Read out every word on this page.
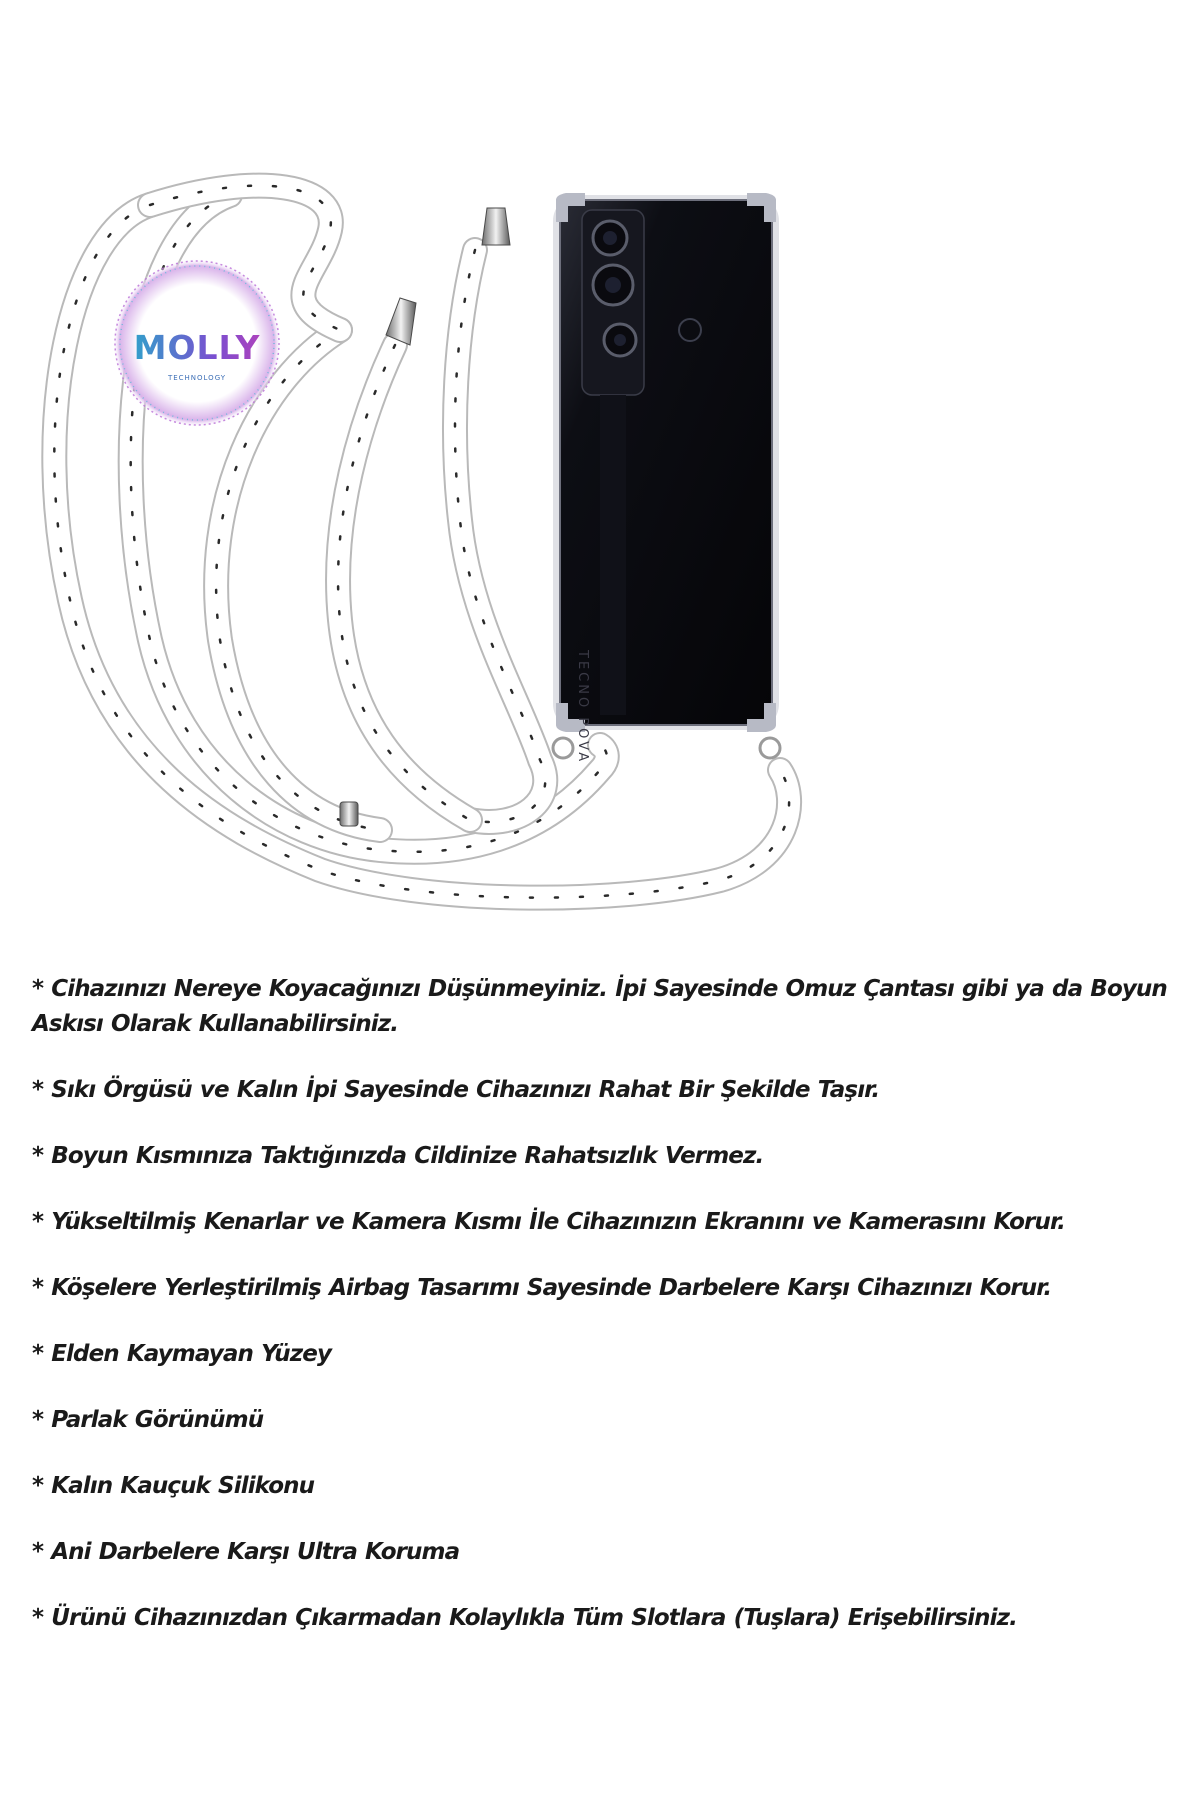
MOLLY
TECHNOLOGY
TECNO POVA
* Cihazınızı Nereye Koyacağınızı Düşünmeyiniz. İpi Sayesinde Omuz Çantası gibi ya da Boyun Askısı Olarak Kullanabilirsiniz.
* Sıkı Örgüsü ve Kalın İpi Sayesinde Cihazınızı Rahat Bir Şekilde Taşır.
* Boyun Kısmınıza Taktığınızda Cildinize Rahatsızlık Vermez.
* Yükseltilmiş Kenarlar ve Kamera Kısmı İle Cihazınızın Ekranını ve Kamerasını Korur.
* Köşelere Yerleştirilmiş Airbag Tasarımı Sayesinde Darbelere Karşı Cihazınızı Korur.
* Elden Kaymayan Yüzey
* Parlak Görünümü
* Kalın Kauçuk Silikonu
* Ani Darbelere Karşı Ultra Koruma
* Ürünü Cihazınızdan Çıkarmadan Kolaylıkla Tüm Slotlara (Tuşlara) Erişebilirsiniz.
